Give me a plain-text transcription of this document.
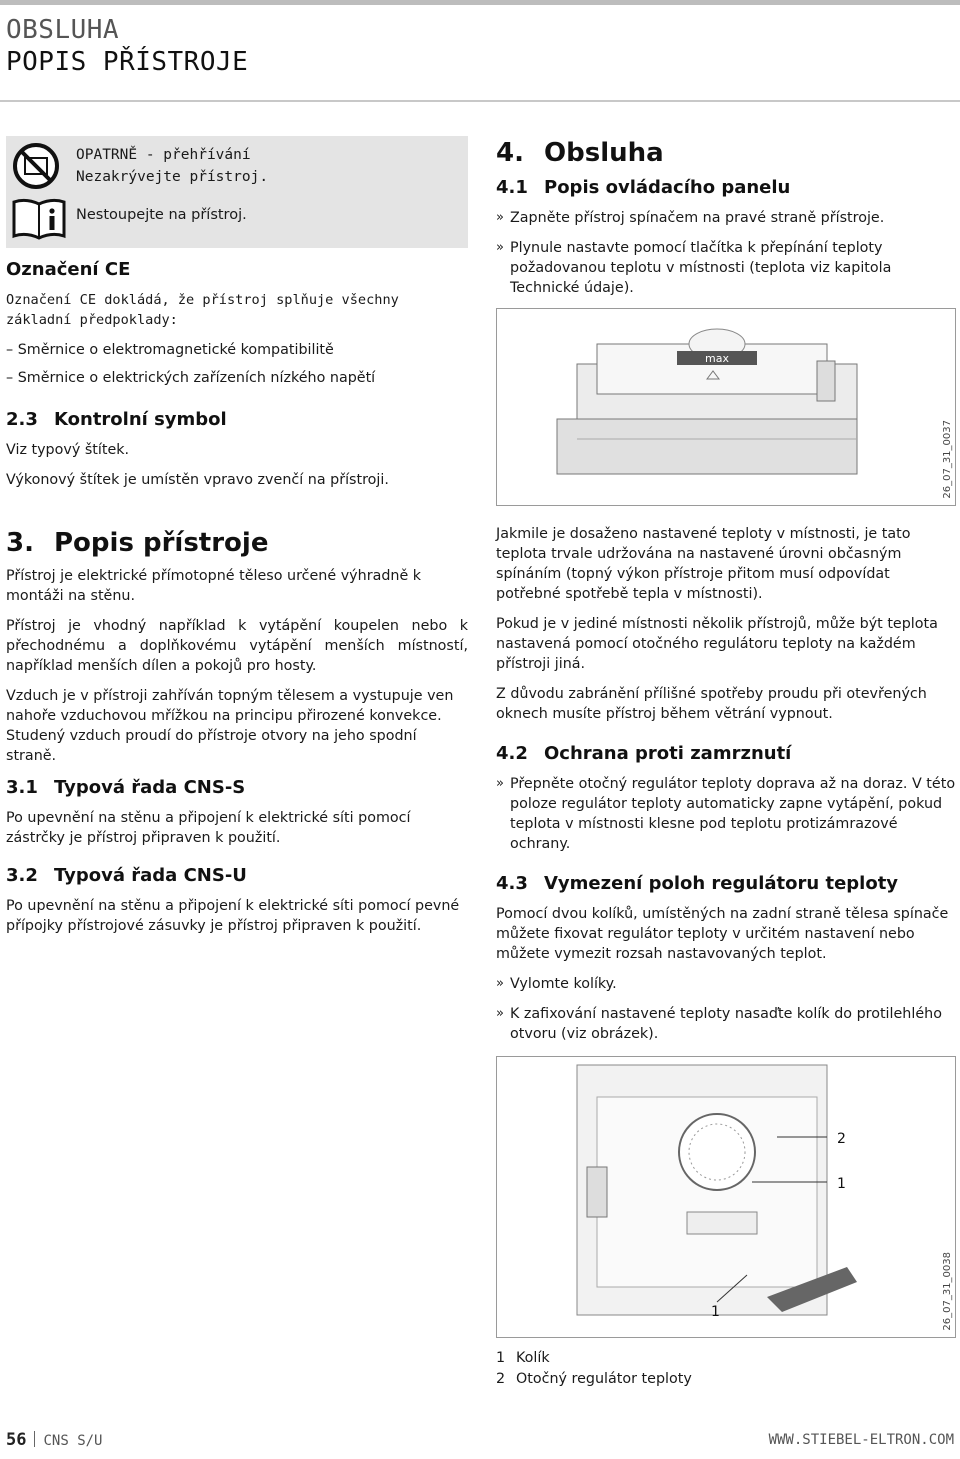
OBSLUHA
POPIS PŘÍSTROJE
OPATRNĚ - přehřívání
Nezakrývejte přístroj.
Nestoupejte na přístroj.
Označení CE

Označení CE dokládá, že přístroj splňuje všechny základní předpoklady:

– Směrnice o elektromagnetické kompatibilitě
– Směrnice o elektrických zařízeních nízkého napětí
2.3 Kontrolní symbol

Viz typový štítek.

Výkonový štítek je umístěn vpravo zvenčí na přístroji.

3. Popis přístroje

Přístroj je elektrické přímotopné těleso určené výhradně k montáži na stěnu.

Přístroj je vhodný například k vytápění koupelen nebo k přechodnému a doplňkovému vytápění menších místností, například menších dílen a pokojů pro hosty.

Vzduch je v přístroji zahříván topným tělesem a vystupuje ven nahoře vzduchovou mřížkou na principu přirozené konvekce. Studený vzduch proudí do přístroje otvory na jeho spodní straně.

3.1 Typová řada CNS-S

Po upevnění na stěnu a připojení k elektrické síti pomocí zástrčky je přístroj připraven k použití.

3.2 Typová řada CNS-U

Po upevnění na stěnu a připojení k elektrické síti pomocí pevné přípojky přístrojové zásuvky je přístroj připraven k použití.

4. Obsluha
4.1 Popis ovládacího panelu
» Zapněte přístroj spínačem na pravé straně přístroje.
» Plynule nastavte pomocí tlačítka k přepínání teploty požadovanou teplotu v místnosti (teplota viz kapitola Technické údaje).
max
26_07_31_0037

Jakmile je dosaženo nastavené teploty v místnosti, je tato teplota trvale udržována na nastavené úrovni občasným spínáním (topný výkon přístroje přitom musí odpovídat potřebné spotřebě tepla v místnosti).

Pokud je v jediné místnosti několik přístrojů, může být teplota nastavená pomocí otočného regulátoru teploty na každém přístroji jiná.

Z důvodu zabránění přílišné spotřeby proudu při otevřených oknech musíte přístroj během větrání vypnout.

4.2 Ochrana proti zamrznutí
» Přepněte otočný regulátor teploty doprava až na doraz. V této poloze regulátor teploty automaticky zapne vytápění, pokud teplota v místnosti klesne pod teplotu protizámrazové ochrany.
4.3 Vymezení poloh regulátoru teploty

Pomocí dvou kolíků, umístěných na zadní straně tělesa spínače můžete fixovat regulátor teploty v určitém nastavení nebo můžete vymezit rozsah nastavovaných teplot.

» Vylomte kolíky.
» K zafixování nastavené teploty nasaďte kolík do protilehlého otvoru (viz obrázek).
2
1
1	26_07_31_0038
1 Kolík
2 Otočný regulátor teploty
56 CNS S/U	WWW.STIEBEL-ELTRON.COM
